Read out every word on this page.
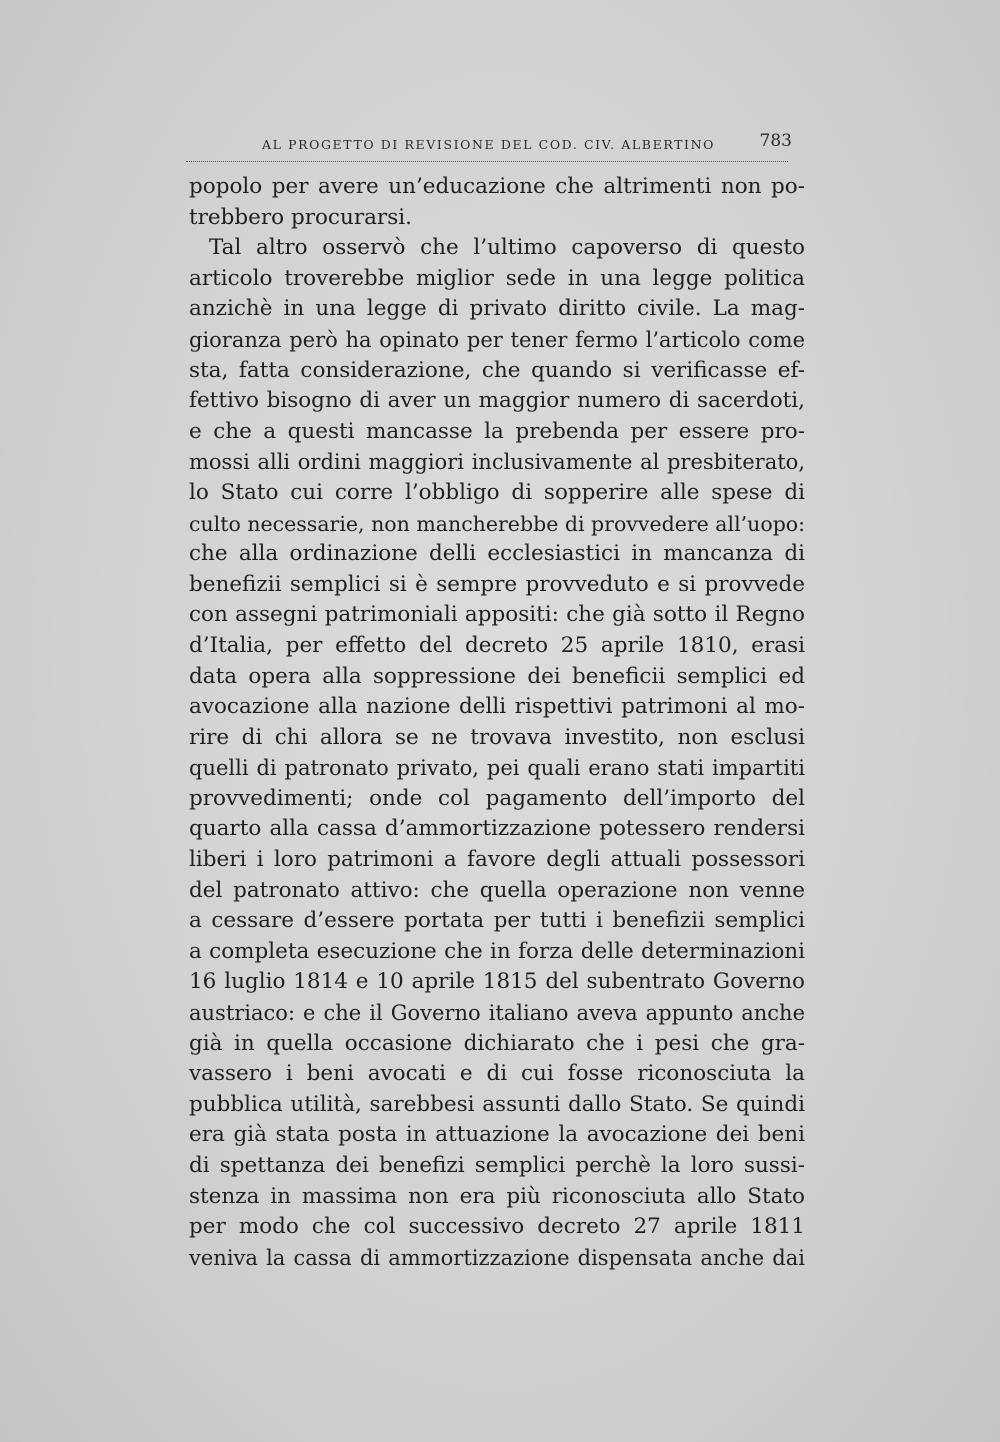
AL PROGETTO DI REVISIONE DEL COD. CIV. ALBERTINO	783
popolo per avere un’educazione che altrimenti non po-
trebbero procurarsi.
Tal altro osservò che l’ultimo capoverso di questo
articolo troverebbe miglior sede in una legge politica
anzichè in una legge di privato diritto civile. La mag-
gioranza però ha opinato per tener fermo l’articolo come
sta, fatta considerazione, che quando si verificasse ef-
fettivo bisogno di aver un maggior numero di sacerdoti,
e che a questi mancasse la prebenda per essere pro-
mossi alli ordini maggiori inclusivamente al presbiterato,
lo Stato cui corre l’obbligo di sopperire alle spese di
culto necessarie, non mancherebbe di provvedere all’uopo:
che alla ordinazione delli ecclesiastici in mancanza di
benefizii semplici si è sempre provveduto e si provvede
con assegni patrimoniali appositi: che già sotto il Regno
d’Italia, per effetto del decreto 25 aprile 1810, erasi
data opera alla soppressione dei beneficii semplici ed
avocazione alla nazione delli rispettivi patrimoni al mo-
rire di chi allora se ne trovava investito, non esclusi
quelli di patronato privato, pei quali erano stati impartiti
provvedimenti; onde col pagamento dell’importo del
quarto alla cassa d’ammortizzazione potessero rendersi
liberi i loro patrimoni a favore degli attuali possessori
del patronato attivo: che quella operazione non venne
a cessare d’essere portata per tutti i benefizii semplici
a completa esecuzione che in forza delle determinazioni
16 luglio 1814 e 10 aprile 1815 del subentrato Governo
austriaco: e che il Governo italiano aveva appunto anche
già in quella occasione dichiarato che i pesi che gra-
vassero i beni avocati e di cui fosse riconosciuta la
pubblica utilità, sarebbesi assunti dallo Stato. Se quindi
era già stata posta in attuazione la avocazione dei beni
di spettanza dei benefizi semplici perchè la loro sussi-
stenza in massima non era più riconosciuta allo Stato
per modo che col successivo decreto 27 aprile 1811
veniva la cassa di ammortizzazione dispensata anche dai
